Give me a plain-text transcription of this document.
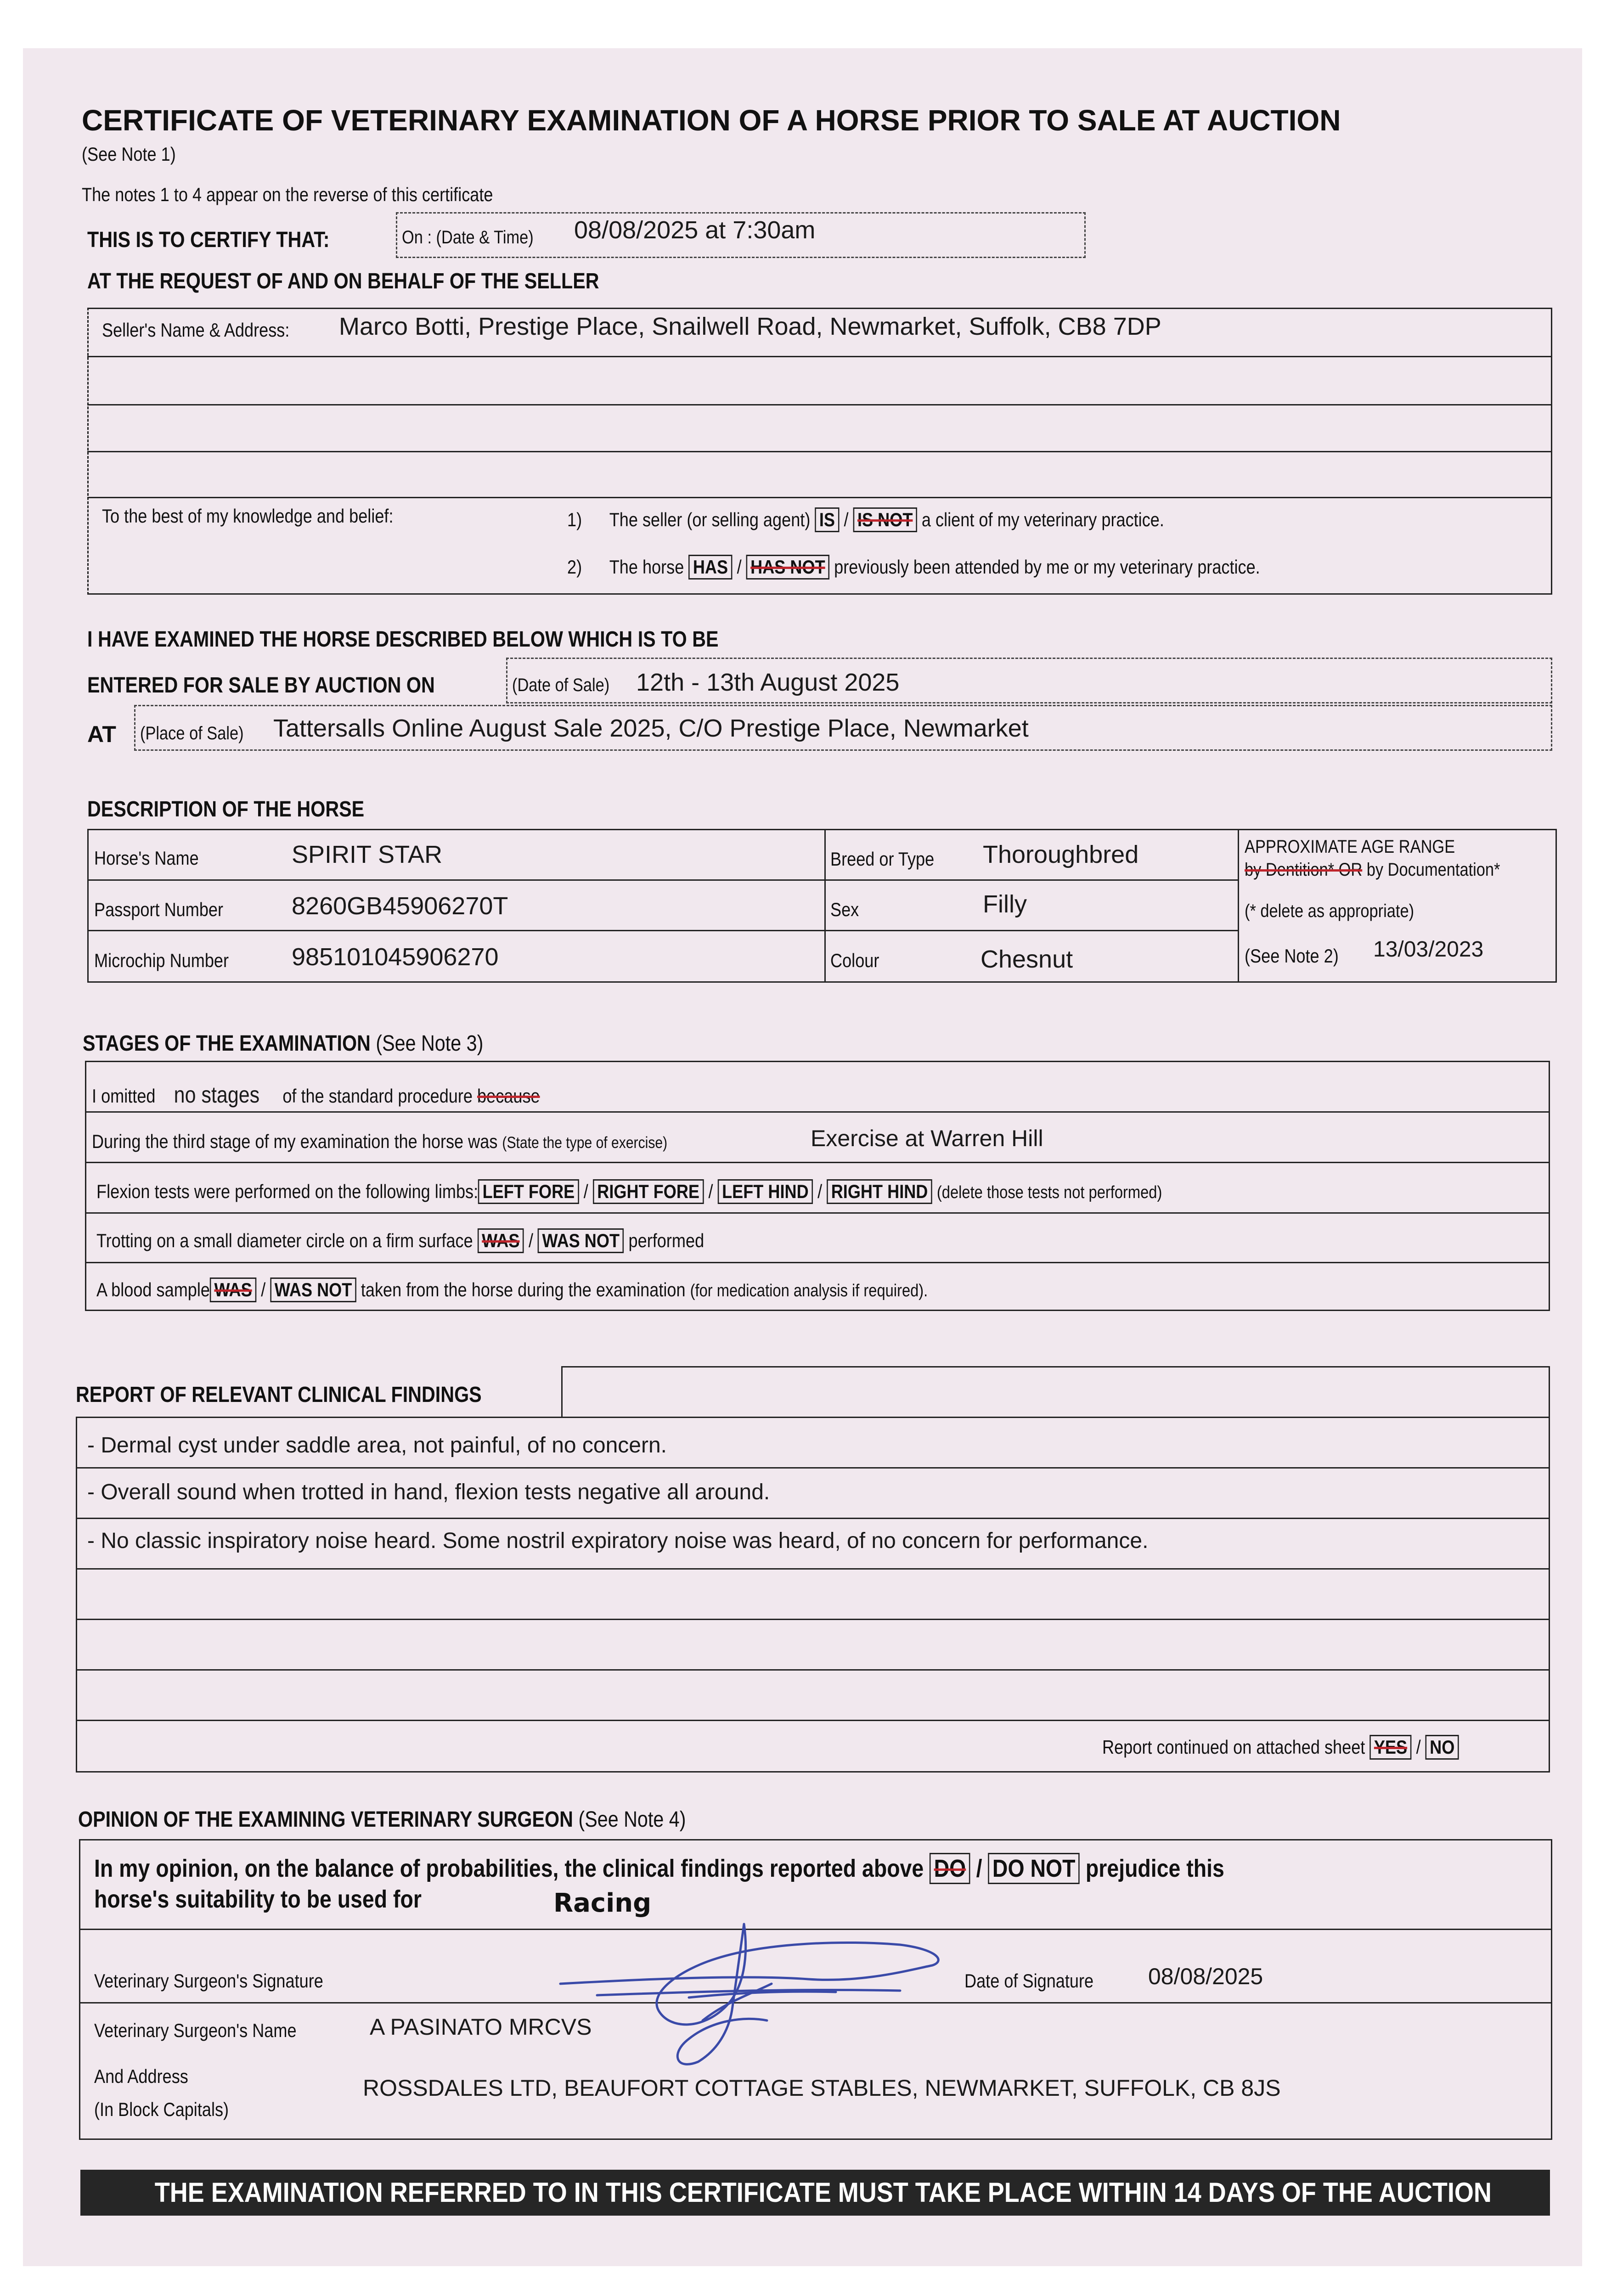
CERTIFICATE OF VETERINARY EXAMINATION OF A HORSE PRIOR TO SALE AT AUCTION
(See Note 1)
The notes 1 to 4 appear on the reverse of this certificate
THIS IS TO CERTIFY THAT:	On : (Date & Time)	08/08/2025 at 7:30am
AT THE REQUEST OF AND ON BEHALF OF THE SELLER
Seller's Name & Address:	Marco Botti, Prestige Place, Snailwell Road, Newmarket, Suffolk, CB8 7DP
To the best of my knowledge and belief:	1) The seller (or selling agent) IS / IS NOT a client of my veterinary practice.
2) The horse HAS / HAS NOT previously been attended by me or my veterinary practice.
I HAVE EXAMINED THE HORSE DESCRIBED BELOW WHICH IS TO BE
ENTERED FOR SALE BY AUCTION ON	(Date of Sale)	12th - 13th August 2025
AT (Place of Sale)	Tattersalls Online August Sale 2025, C/O Prestige Place, Newmarket
DESCRIPTION OF THE HORSE
Horse's Name	SPIRIT STAR
Passport Number	8260GB45906270T
Microchip Number	985101045906270
Breed or Type	Thoroughbred
Sex	Filly
Colour	Chesnut
APPROXIMATE AGE RANGE
by Dentition* OR by Documentation*
(* delete as appropriate)
(See Note 2)	13/03/2023
STAGES OF THE EXAMINATION (See Note 3)
I omitted no stages of the standard procedure because
During the third stage of my examination the horse was (State the type of exercise)	Exercise at Warren Hill
Flexion tests were performed on the following limbs: LEFT FORE / RIGHT FORE / LEFT HIND / RIGHT HIND (delete those tests not performed)
Trotting on a small diameter circle on a firm surface WAS / WAS NOT performed
A blood sample WAS / WAS NOT taken from the horse during the examination (for medication analysis if required).
REPORT OF RELEVANT CLINICAL FINDINGS
- Dermal cyst under saddle area, not painful, of no concern.
- Overall sound when trotted in hand, flexion tests negative all around.
- No classic inspiratory noise heard. Some nostril expiratory noise was heard, of no concern for performance.
Report continued on attached sheet YES / NO
OPINION OF THE EXAMINING VETERINARY SURGEON (See Note 4)
In my opinion, on the balance of probabilities, the clinical findings reported above DO / DO NOT prejudice this
horse's suitability to be used for	Racing
Veterinary Surgeon's Signature	Date of Signature	08/08/2025
Veterinary Surgeon's Name	A PASINATO MRCVS
And Address
(In Block Capitals)
ROSSDALES LTD, BEAUFORT COTTAGE STABLES, NEWMARKET, SUFFOLK, CB 8JS
THE EXAMINATION REFERRED TO IN THIS CERTIFICATE MUST TAKE PLACE WITHIN 14 DAYS OF THE AUCTION
